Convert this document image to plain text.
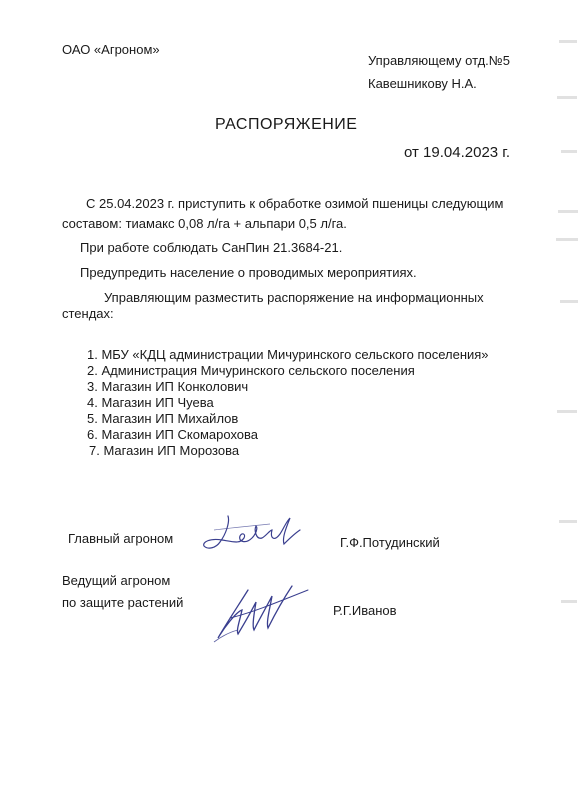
ОАО «Агроном»
Управляющему отд.№5
Кавешникову Н.А.
РАСПОРЯЖЕНИЕ
от 19.04.2023 г.
С 25.04.2023 г. приступить к обработке озимой пшеницы следующим
составом: тиамакс 0,08 л/га + альпари 0,5 л/га.
При работе соблюдать СанПин 21.3684-21.
Предупредить население о проводимых мероприятиях.
Управляющим разместить распоряжение на информационных
стендах:
1. МБУ «КДЦ администрации Мичуринского сельского поселения»
2. Администрация Мичуринского сельского поселения
3. Магазин ИП Конколович
4. Магазин ИП Чуева
5. Магазин ИП Михайлов
6. Магазин ИП Скомарохова
7. Магазин ИП Морозова
Главный агроном	Г.Ф.Потудинский
Ведущий агроном
по защите растений
Р.Г.Иванов
